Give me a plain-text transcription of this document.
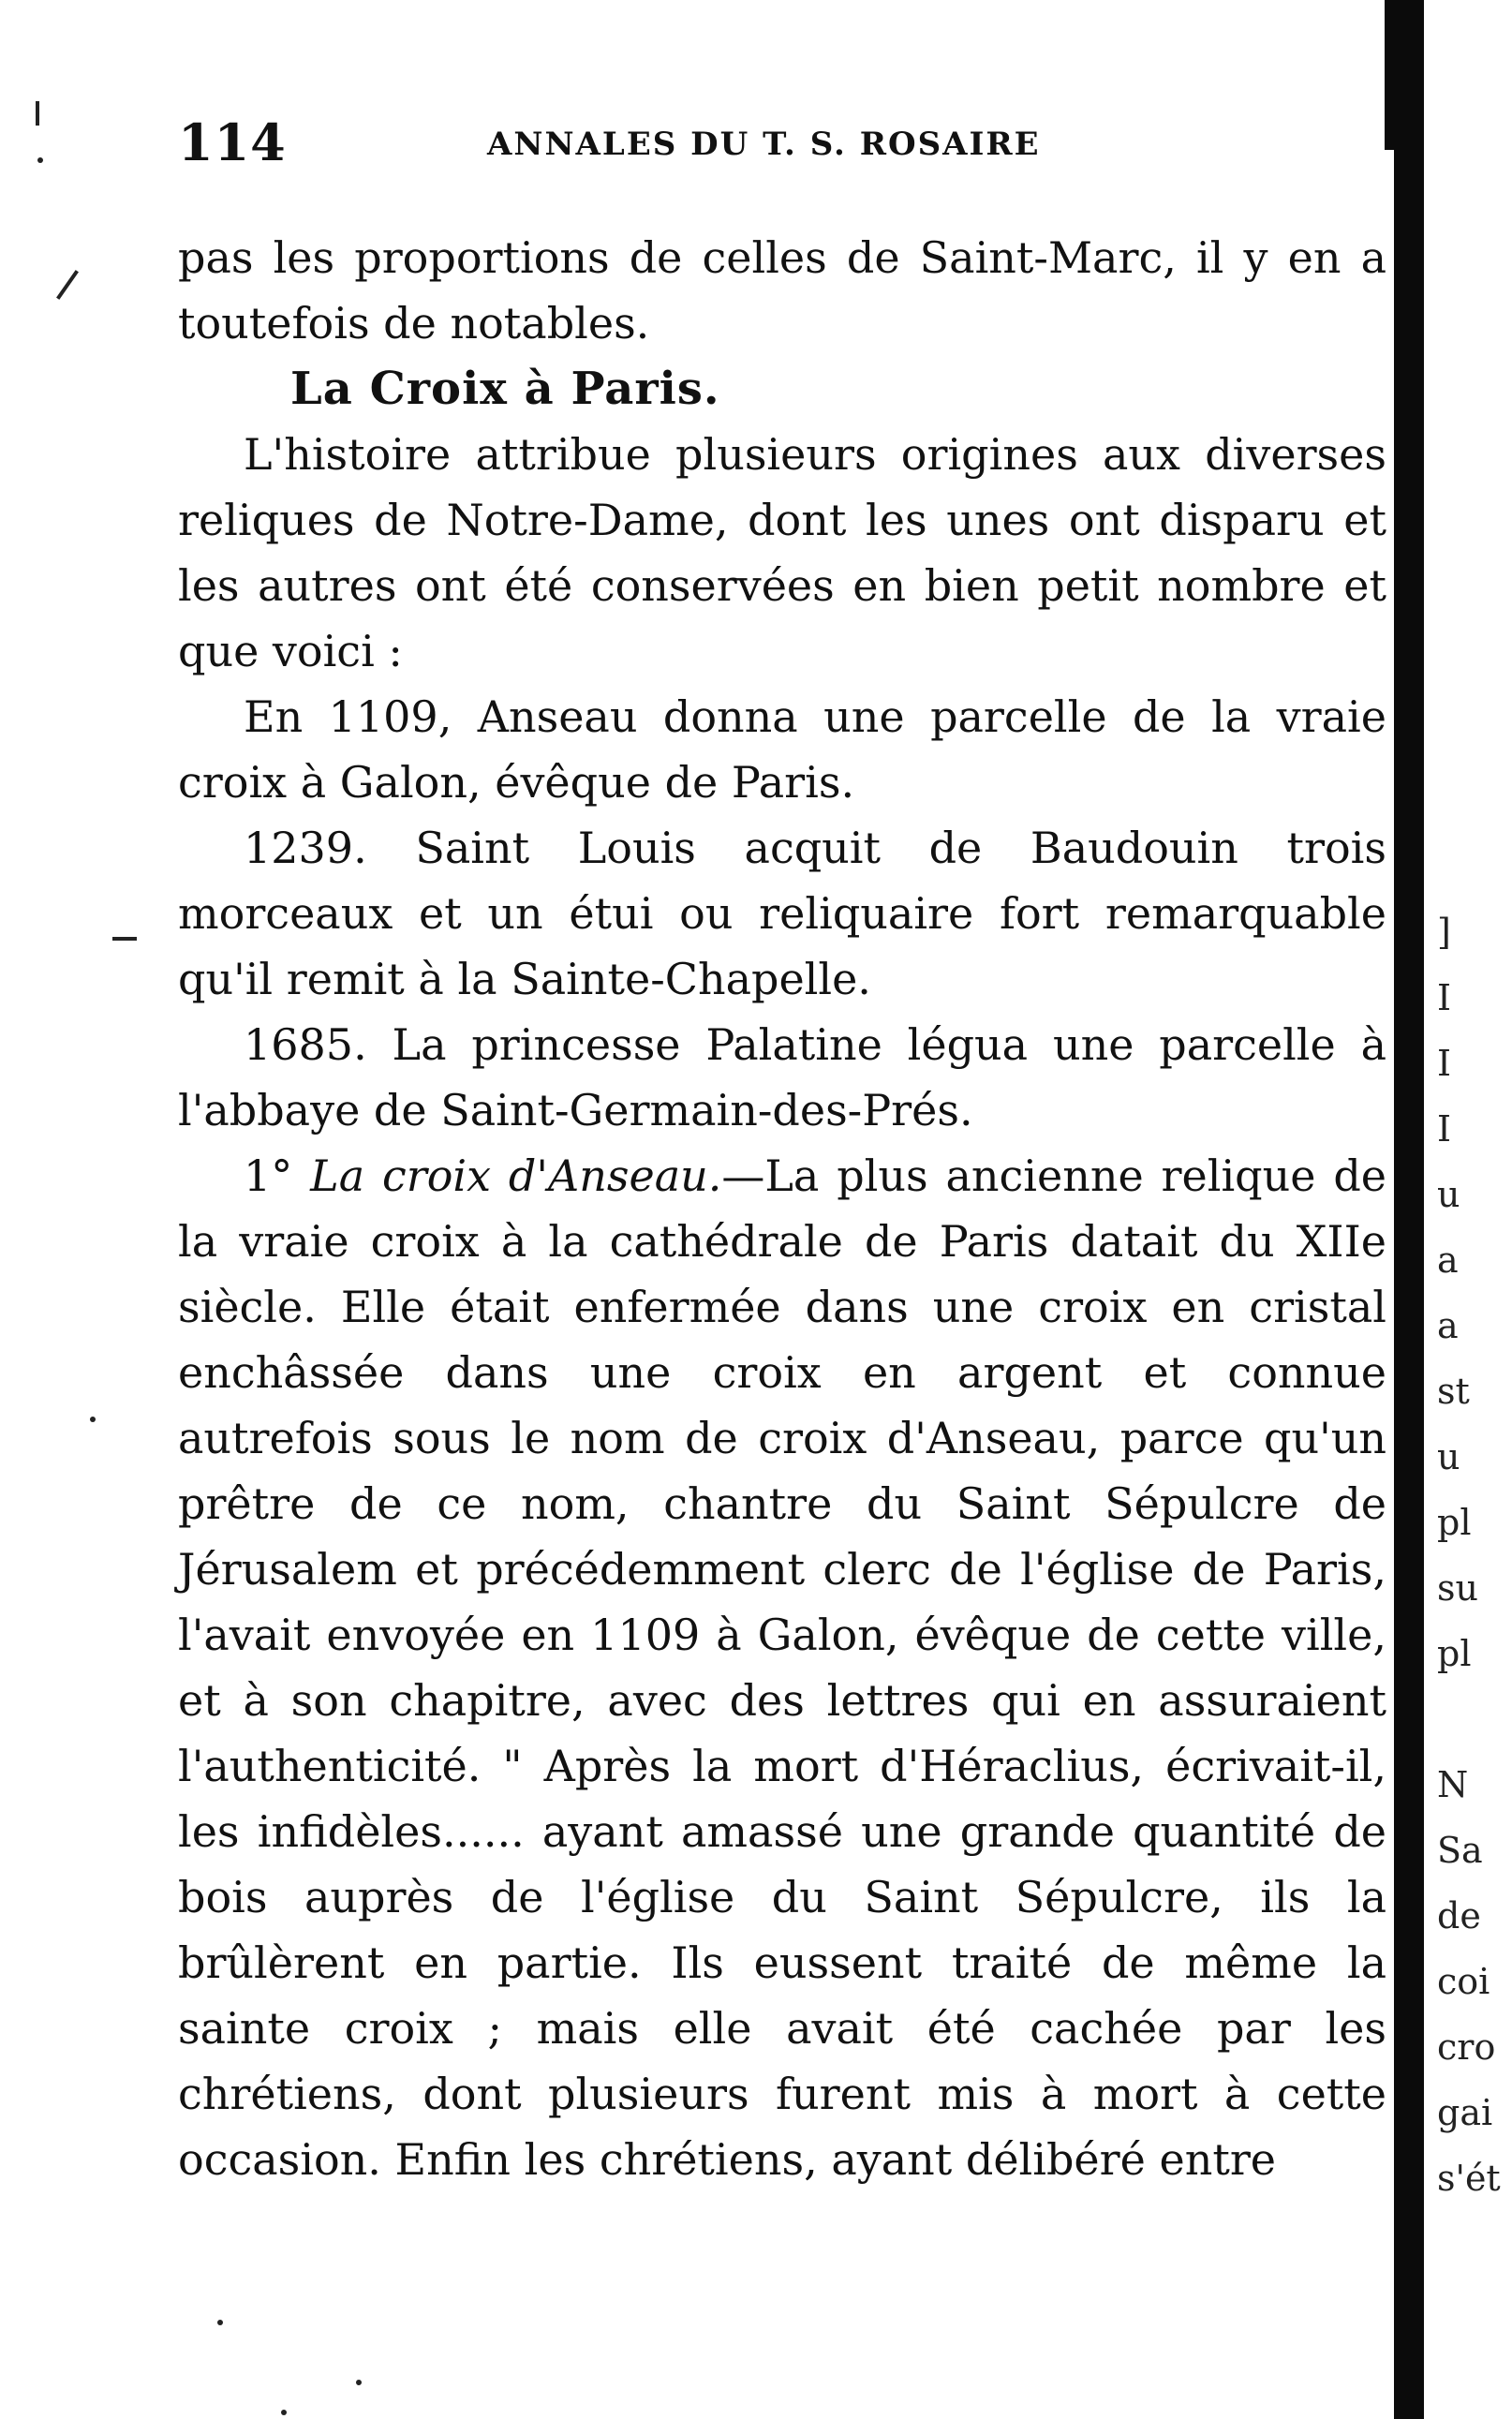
114	ANNALES DU T. S. ROSAIRE

pas les proportions de celles de Saint-Marc, il y en a toutefois de notables.

La Croix à Paris.

L'histoire attribue plusieurs origines aux diverses reliques de Notre-Dame, dont les unes ont disparu et les autres ont été conservées en bien petit nombre et que voici :

En 1109, Anseau donna une parcelle de la vraie croix à Galon, évêque de Paris.

1239. Saint Louis acquit de Baudouin trois morceaux et un étui ou reliquaire fort remarquable qu'il remit à la Sainte-Chapelle.

1685. La princesse Palatine légua une parcelle à l'abbaye de Saint-Germain-des-Prés.

1° La croix d'Anseau.—La plus ancienne relique de la vraie croix à la cathédrale de Paris datait du XIIe siècle. Elle était enfermée dans une croix en cristal enchâssée dans une croix en argent et connue autrefois sous le nom de croix d'Anseau, parce qu'un prêtre de ce nom, chantre du Saint Sépulcre de Jérusalem et précédemment clerc de l'église de Paris, l'avait envoyée en 1109 à Galon, évêque de cette ville, et à son chapitre, avec des lettres qui en assuraient l'authenticité. " Après la mort d'Héraclius, écrivait-il, les infidèles...... ayant amassé une grande quantité de bois auprès de l'église du Saint Sépulcre, ils la brûlèrent en partie. Ils eussent traité de même la sainte croix ; mais elle avait été cachée par les chrétiens, dont plusieurs furent mis à mort à cette occasion. Enfin les chrétiens, ayant délibéré entre

]
I
I
I
u
a
a
st
u
pl
su
pl
N
Sa
de
coi
cro
gai
s'ét
